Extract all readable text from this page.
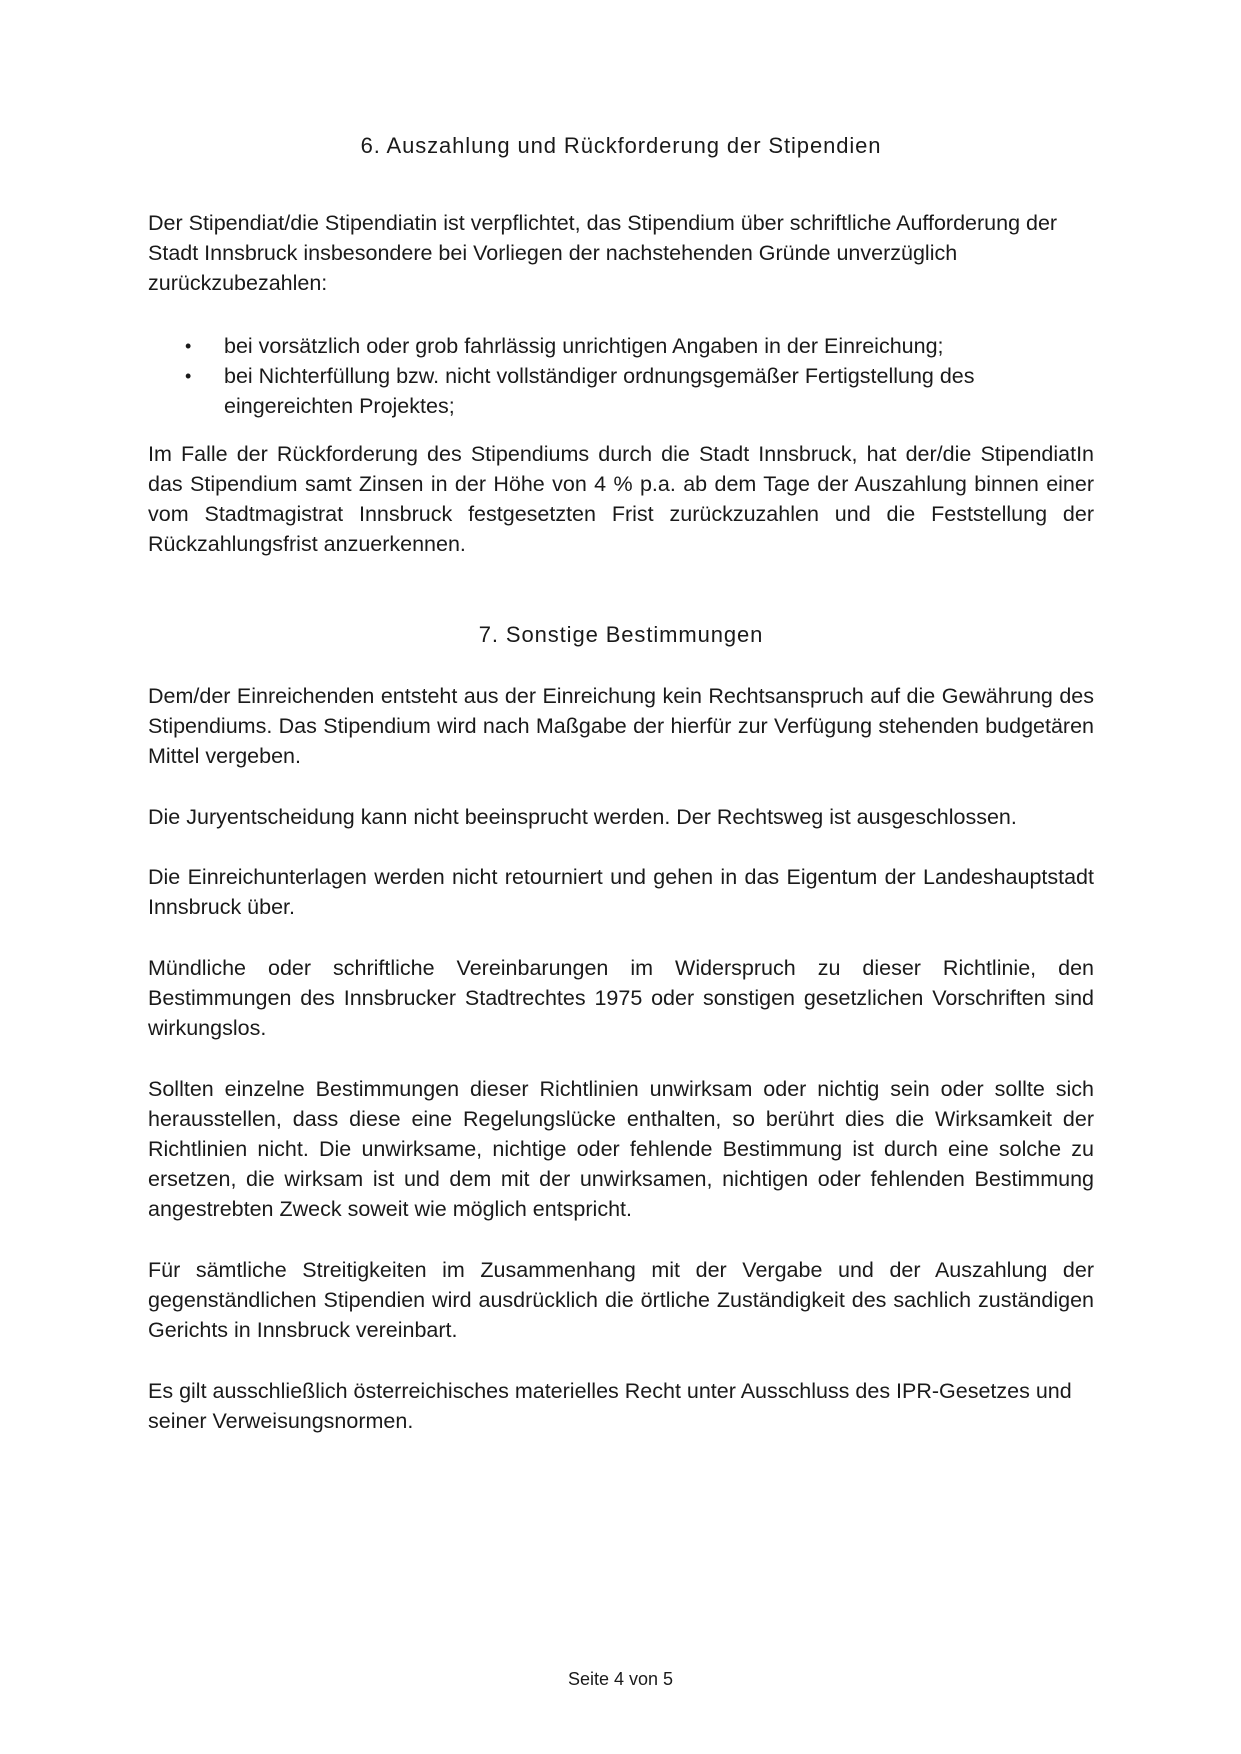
6. Auszahlung und Rückforderung der Stipendien

Der Stipendiat/die Stipendiatin ist verpflichtet, das Stipendium über schriftliche Aufforderung der Stadt Innsbruck insbesondere bei Vorliegen der nachstehenden Gründe unverzüglich zurückzubezahlen:

• bei vorsätzlich oder grob fahrlässig unrichtigen Angaben in der Einreichung;
• bei Nichterfüllung bzw. nicht vollständiger ordnungsgemäßer Fertigstellung des eingereichten Projektes;

Im Falle der Rückforderung des Stipendiums durch die Stadt Innsbruck, hat der/die StipendiatIn das Stipendium samt Zinsen in der Höhe von 4 % p.a. ab dem Tage der Auszahlung binnen einer vom Stadtmagistrat Innsbruck festgesetzten Frist zurückzuzahlen und die Feststellung der Rückzahlungsfrist anzuerkennen.

7. Sonstige Bestimmungen

Dem/der Einreichenden entsteht aus der Einreichung kein Rechtsanspruch auf die Gewährung des Stipendiums. Das Stipendium wird nach Maßgabe der hierfür zur Verfügung stehenden budgetären Mittel vergeben.

Die Juryentscheidung kann nicht beeinsprucht werden. Der Rechtsweg ist ausgeschlossen.

Die Einreichunterlagen werden nicht retourniert und gehen in das Eigentum der Landeshauptstadt Innsbruck über.

Mündliche oder schriftliche Vereinbarungen im Widerspruch zu dieser Richtlinie, den Bestimmungen des Innsbrucker Stadtrechtes 1975 oder sonstigen gesetzlichen Vorschriften sind wirkungslos.

Sollten einzelne Bestimmungen dieser Richtlinien unwirksam oder nichtig sein oder sollte sich herausstellen, dass diese eine Regelungslücke enthalten, so berührt dies die Wirksamkeit der Richtlinien nicht. Die unwirksame, nichtige oder fehlende Bestimmung ist durch eine solche zu ersetzen, die wirksam ist und dem mit der unwirksamen, nichtigen oder fehlenden Bestimmung angestrebten Zweck soweit wie möglich entspricht.

Für sämtliche Streitigkeiten im Zusammenhang mit der Vergabe und der Auszahlung der gegenständlichen Stipendien wird ausdrücklich die örtliche Zuständigkeit des sachlich zuständigen Gerichts in Innsbruck vereinbart.

Es gilt ausschließlich österreichisches materielles Recht unter Ausschluss des IPR-Gesetzes und seiner Verweisungsnormen.

Seite 4 von 5
